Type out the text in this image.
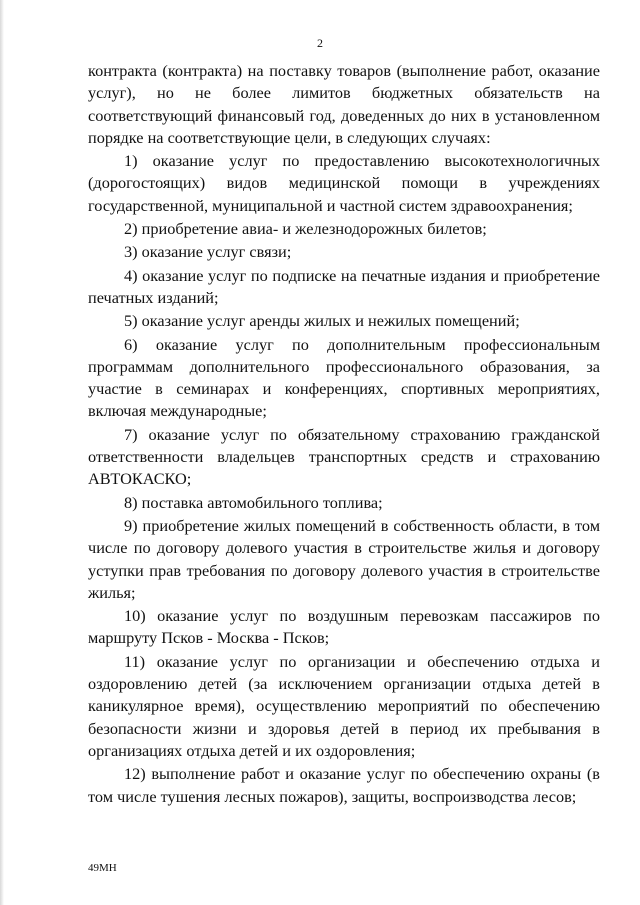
2

контракта (контракта) на поставку товаров (выполнение работ, оказание услуг), но не более лимитов бюджетных обязательств на соответствующий финансовый год, доведенных до них в установленном порядке на соответствующие цели, в следующих случаях:

1) оказание услуг по предоставлению высокотехнологичных (дорогостоящих) видов медицинской помощи в учреждениях государственной, муниципальной и частной систем здравоохранения;

2) приобретение авиа- и железнодорожных билетов;

3) оказание услуг связи;

4) оказание услуг по подписке на печатные издания и приобретение печатных изданий;

5) оказание услуг аренды жилых и нежилых помещений;

6) оказание услуг по дополнительным профессиональным программам дополнительного профессионального образования, за участие в семинарах и конференциях, спортивных мероприятиях, включая международные;

7) оказание услуг по обязательному страхованию гражданской ответственности владельцев транспортных средств и страхованию АВТОКАСКО;

8) поставка автомобильного топлива;

9) приобретение жилых помещений в собственность области, в том числе по договору долевого участия в строительстве жилья и договору уступки прав требования по договору долевого участия в строительстве жилья;

10) оказание услуг по воздушным перевозкам пассажиров по маршруту Псков - Москва - Псков;

11) оказание услуг по организации и обеспечению отдыха и оздоровлению детей (за исключением организации отдыха детей в каникулярное время), осуществлению мероприятий по обеспечению безопасности жизни и здоровья детей в период их пребывания в организациях отдыха детей и их оздоровления;

12) выполнение работ и оказание услуг по обеспечению охраны (в том числе тушения лесных пожаров), защиты, воспроизводства лесов;

49МН
